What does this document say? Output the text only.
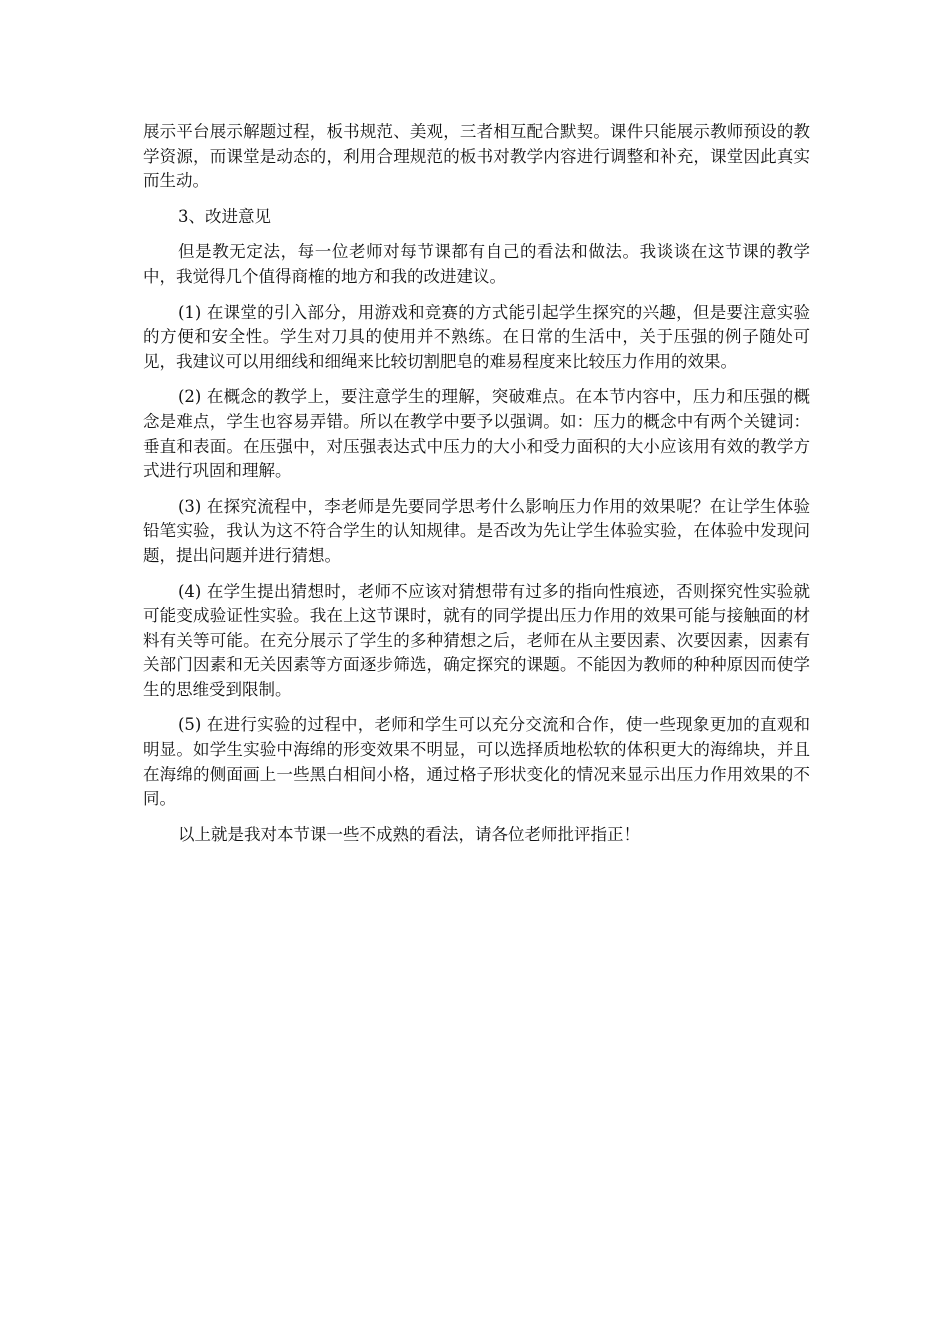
展示平台展示解题过程，板书规范、美观，三者相互配合默契。课件只能展示教师预设的教学资源，而课堂是动态的，利用合理规范的板书对教学内容进行调整和补充，课堂因此真实而生动。

3、改进意见

但是教无定法，每一位老师对每节课都有自己的看法和做法。我谈谈在这节课的教学中，我觉得几个值得商榷的地方和我的改进建议。

(1) 在课堂的引入部分，用游戏和竞赛的方式能引起学生探究的兴趣，但是要注意实验的方便和安全性。学生对刀具的使用并不熟练。在日常的生活中，关于压强的例子随处可见，我建议可以用细线和细绳来比较切割肥皂的难易程度来比较压力作用的效果。

(2) 在概念的教学上，要注意学生的理解，突破难点。在本节内容中，压力和压强的概念是难点，学生也容易弄错。所以在教学中要予以强调。如：压力的概念中有两个关键词：垂直和表面。在压强中，对压强表达式中压力的大小和受力面积的大小应该用有效的教学方式进行巩固和理解。

(3) 在探究流程中，李老师是先要同学思考什么影响压力作用的效果呢？在让学生体验铅笔实验，我认为这不符合学生的认知规律。是否改为先让学生体验实验，在体验中发现问题，提出问题并进行猜想。

(4) 在学生提出猜想时，老师不应该对猜想带有过多的指向性痕迹，否则探究性实验就可能变成验证性实验。我在上这节课时，就有的同学提出压力作用的效果可能与接触面的材料有关等可能。在充分展示了学生的多种猜想之后，老师在从主要因素、次要因素，因素有关部门因素和无关因素等方面逐步筛选，确定探究的课题。不能因为教师的种种原因而使学生的思维受到限制。

(5) 在进行实验的过程中，老师和学生可以充分交流和合作，使一些现象更加的直观和明显。如学生实验中海绵的形变效果不明显，可以选择质地松软的体积更大的海绵块，并且在海绵的侧面画上一些黑白相间小格，通过格子形状变化的情况来显示出压力作用效果的不同。

以上就是我对本节课一些不成熟的看法，请各位老师批评指正！
